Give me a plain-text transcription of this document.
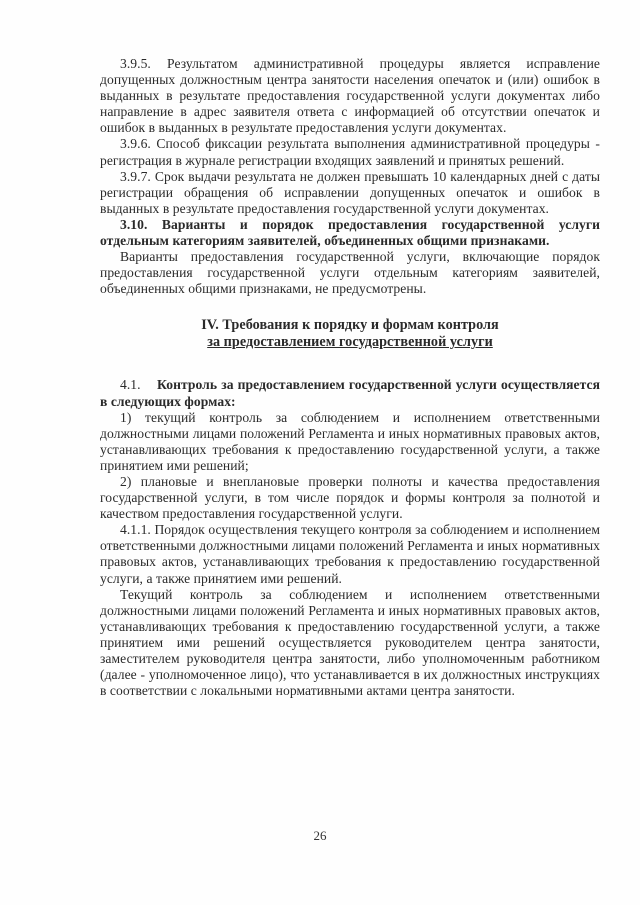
3.9.5. Результатом административной процедуры является исправление допущенных должностным центра занятости населения опечаток и (или) ошибок в выданных в результате предоставления государственной услуги документах либо направление в адрес заявителя ответа с информацией об отсутствии опечаток и ошибок в выданных в результате предоставления услуги документах.

3.9.6. Способ фиксации результата выполнения административной процедуры - регистрация в журнале регистрации входящих заявлений и принятых решений.

3.9.7. Срок выдачи результата не должен превышать 10 календарных дней с даты регистрации обращения об исправлении допущенных опечаток и ошибок в выданных в результате предоставления государственной услуги документах.

3.10. Варианты и порядок предоставления государственной услуги отдельным категориям заявителей, объединенных общими признаками.

Варианты предоставления государственной услуги, включающие порядок предоставления государственной услуги отдельным категориям заявителей, объединенных общими признаками, не предусмотрены.

IV. Требования к порядку и формам контроля
за предоставлением государственной услуги

4.1. Контроль за предоставлением государственной услуги осуществляется в следующих формах:

1) текущий контроль за соблюдением и исполнением ответственными должностными лицами положений Регламента и иных нормативных правовых актов, устанавливающих требования к предоставлению государственной услуги, а также принятием ими решений;

2) плановые и внеплановые проверки полноты и качества предоставления государственной услуги, в том числе порядок и формы контроля за полнотой и качеством предоставления государственной услуги.

4.1.1. Порядок осуществления текущего контроля за соблюдением и исполнением ответственными должностными лицами положений Регламента и иных нормативных правовых актов, устанавливающих требования к предоставлению государственной услуги, а также принятием ими решений.

Текущий контроль за соблюдением и исполнением ответственными должностными лицами положений Регламента и иных нормативных правовых актов, устанавливающих требования к предоставлению государственной услуги, а также принятием ими решений осуществляется руководителем центра занятости, заместителем руководителя центра занятости, либо уполномоченным работником (далее - уполномоченное лицо), что устанавливается в их должностных инструкциях в соответствии с локальными нормативными актами центра занятости.

26
